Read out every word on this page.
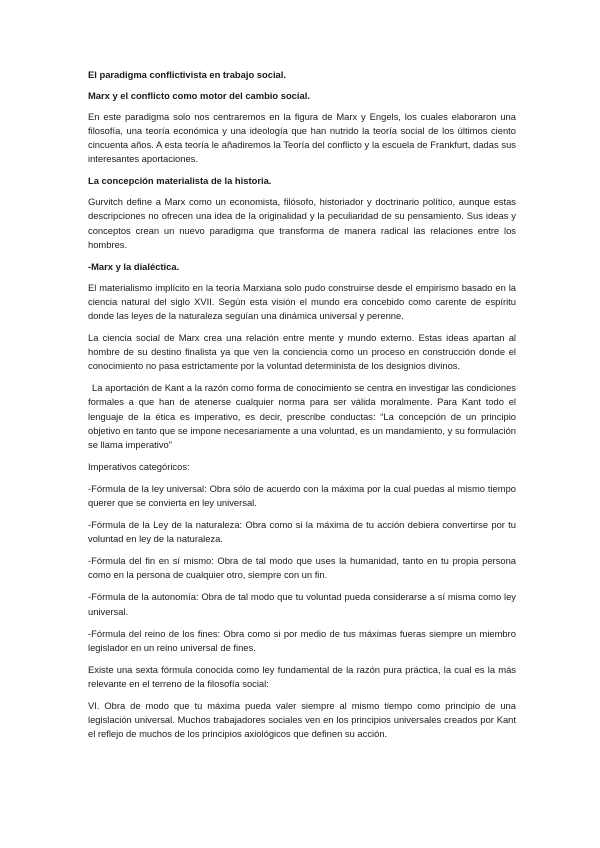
El paradigma conflictivista en trabajo social.
Marx y el conflicto como motor del cambio social.
En este paradigma solo nos centraremos en la figura de Marx y Engels, los cuales elaboraron una filosofía, una teoría económica y una ideología que han nutrido la teoría social de los últimos ciento cincuenta años. A esta teoría le añadiremos la Teoría del conflicto y la escuela de Frankfurt, dadas sus interesantes aportaciones.
La concepción materialista de la historia.
Gurvitch define a Marx como un economista, filósofo, historiador y doctrinario político, aunque estas descripciones no ofrecen una idea de la originalidad y la peculiaridad de su pensamiento. Sus ideas y conceptos crean un nuevo paradigma que transforma de manera radical las relaciones entre los hombres.
-Marx y la dialéctica.
El materialismo implícito en la teoría Marxiana solo pudo construirse desde el empirismo basado en la ciencia natural del siglo XVII. Según esta visión el mundo era concebido como carente de espíritu donde las leyes de la naturaleza seguían una dinámica universal y perenne.
La ciencia social de Marx crea una relación entre mente y mundo externo. Estas ideas apartan al hombre de su destino finalista ya que ven la conciencia como un proceso en construcción donde el conocimiento no pasa estrictamente por la voluntad determinista de los designios divinos.
La aportación de Kant a la razón como forma de conocimiento se centra en investigar las condiciones formales a que han de atenerse cualquier norma para ser válida moralmente. Para Kant todo el lenguaje de la ética es imperativo, es decir, prescribe conductas: “La concepción de un principio objetivo en tanto que se impone necesariamente a una voluntad, es un mandamiento, y su formulación se llama imperativo”
Imperativos categóricos:
-Fórmula de la ley universal: Obra sólo de acuerdo con la máxima por la cual puedas al mismo tiempo querer que se convierta en ley universal.
-Fórmula de la Ley de la naturaleza: Obra como si la máxima de tu acción debiera convertirse por tu voluntad en ley de la naturaleza.
-Fórmula del fin en sí mismo: Obra de tal modo que uses la humanidad, tanto en tu propia persona como en la persona de cualquier otro, siempre con un fin.
-Fórmula de la autonomía: Obra de tal modo que tu voluntad pueda considerarse a sí misma como ley universal.
-Fórmula del reino de los fines: Obra como si por medio de tus máximas fueras siempre un miembro legislador en un reino universal de fines.
Existe una sexta fórmula conocida como ley fundamental de la razón pura práctica, la cual es la más relevante en el terreno de la filosofía social:
VI. Obra de modo que tu máxima pueda valer siempre al mismo tiempo como principio de una legislación universal. Muchos trabajadores sociales ven en los principios universales creados por Kant el reflejo de muchos de los principios axiológicos que definen su acción.
